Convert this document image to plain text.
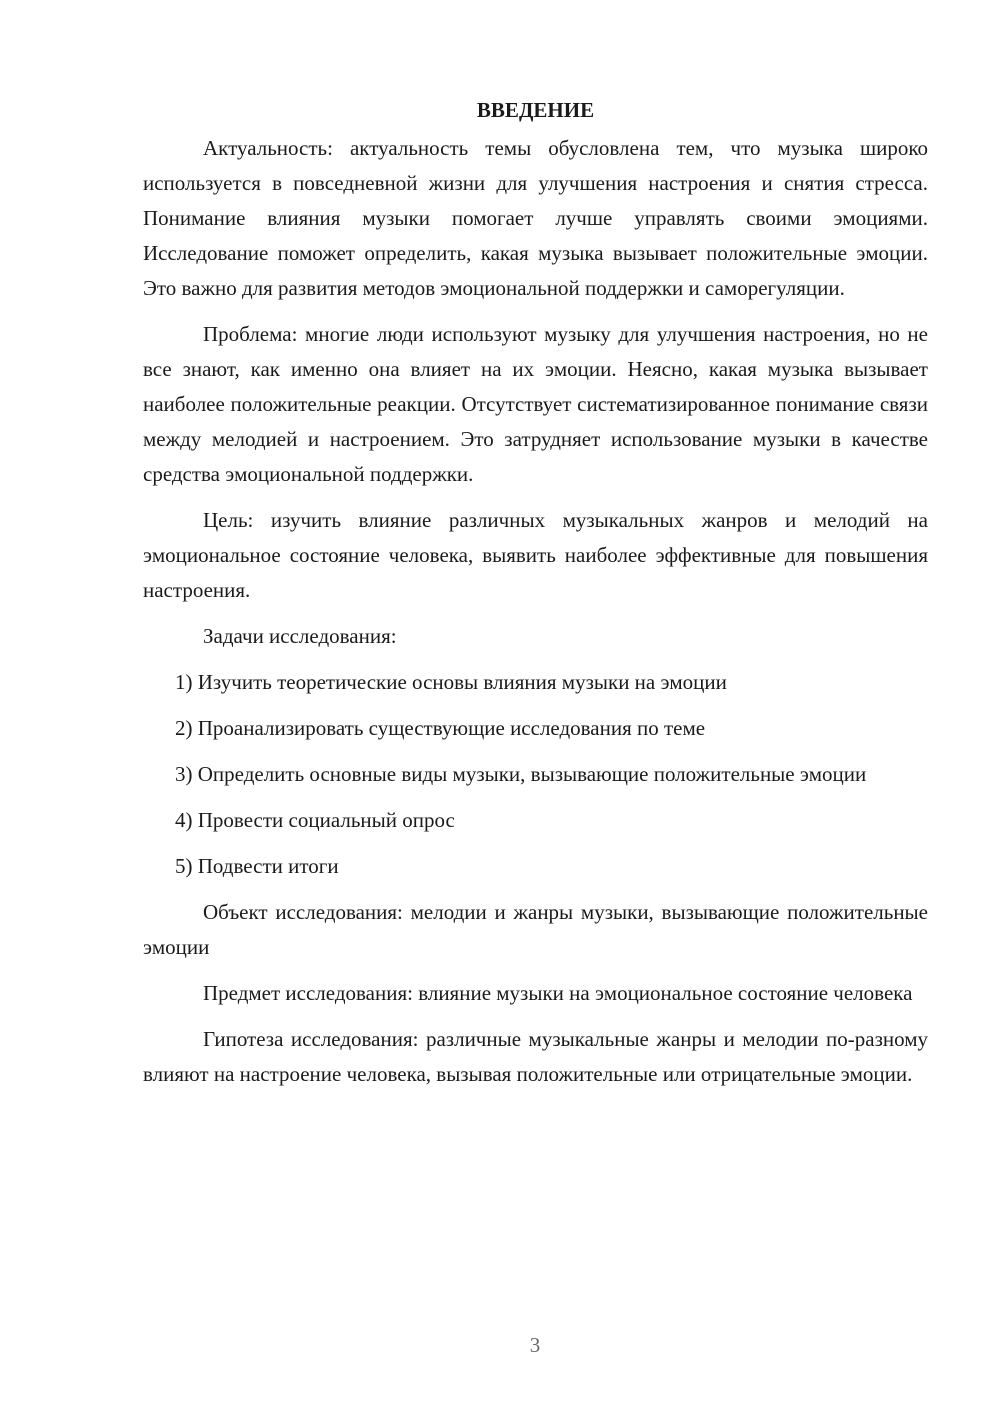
ВВЕДЕНИЕ

Актуальность: актуальность темы обусловлена тем, что музыка широко используется в повседневной жизни для улучшения настроения и снятия стресса. Понимание влияния музыки помогает лучше управлять своими эмоциями. Исследование поможет определить, какая музыка вызывает положительные эмоции. Это важно для развития методов эмоциональной поддержки и саморегуляции.

Проблема: многие люди используют музыку для улучшения настроения, но не все знают, как именно она влияет на их эмоции. Неясно, какая музыка вызывает наиболее положительные реакции. Отсутствует систематизированное понимание связи между мелодией и настроением. Это затрудняет использование музыки в качестве средства эмоциональной поддержки.

Цель: изучить влияние различных музыкальных жанров и мелодий на эмоциональное состояние человека, выявить наиболее эффективные для повышения настроения.

Задачи исследования:

1) Изучить теоретические основы влияния музыки на эмоции

2) Проанализировать существующие исследования по теме

3) Определить основные виды музыки, вызывающие положительные эмоции

4) Провести социальный опрос

5) Подвести итоги

Объект исследования: мелодии и жанры музыки, вызывающие положительные эмоции

Предмет исследования: влияние музыки на эмоциональное состояние человека

Гипотеза исследования: различные музыкальные жанры и мелодии по-разному влияют на настроение человека, вызывая положительные или отрицательные эмоции.

3
